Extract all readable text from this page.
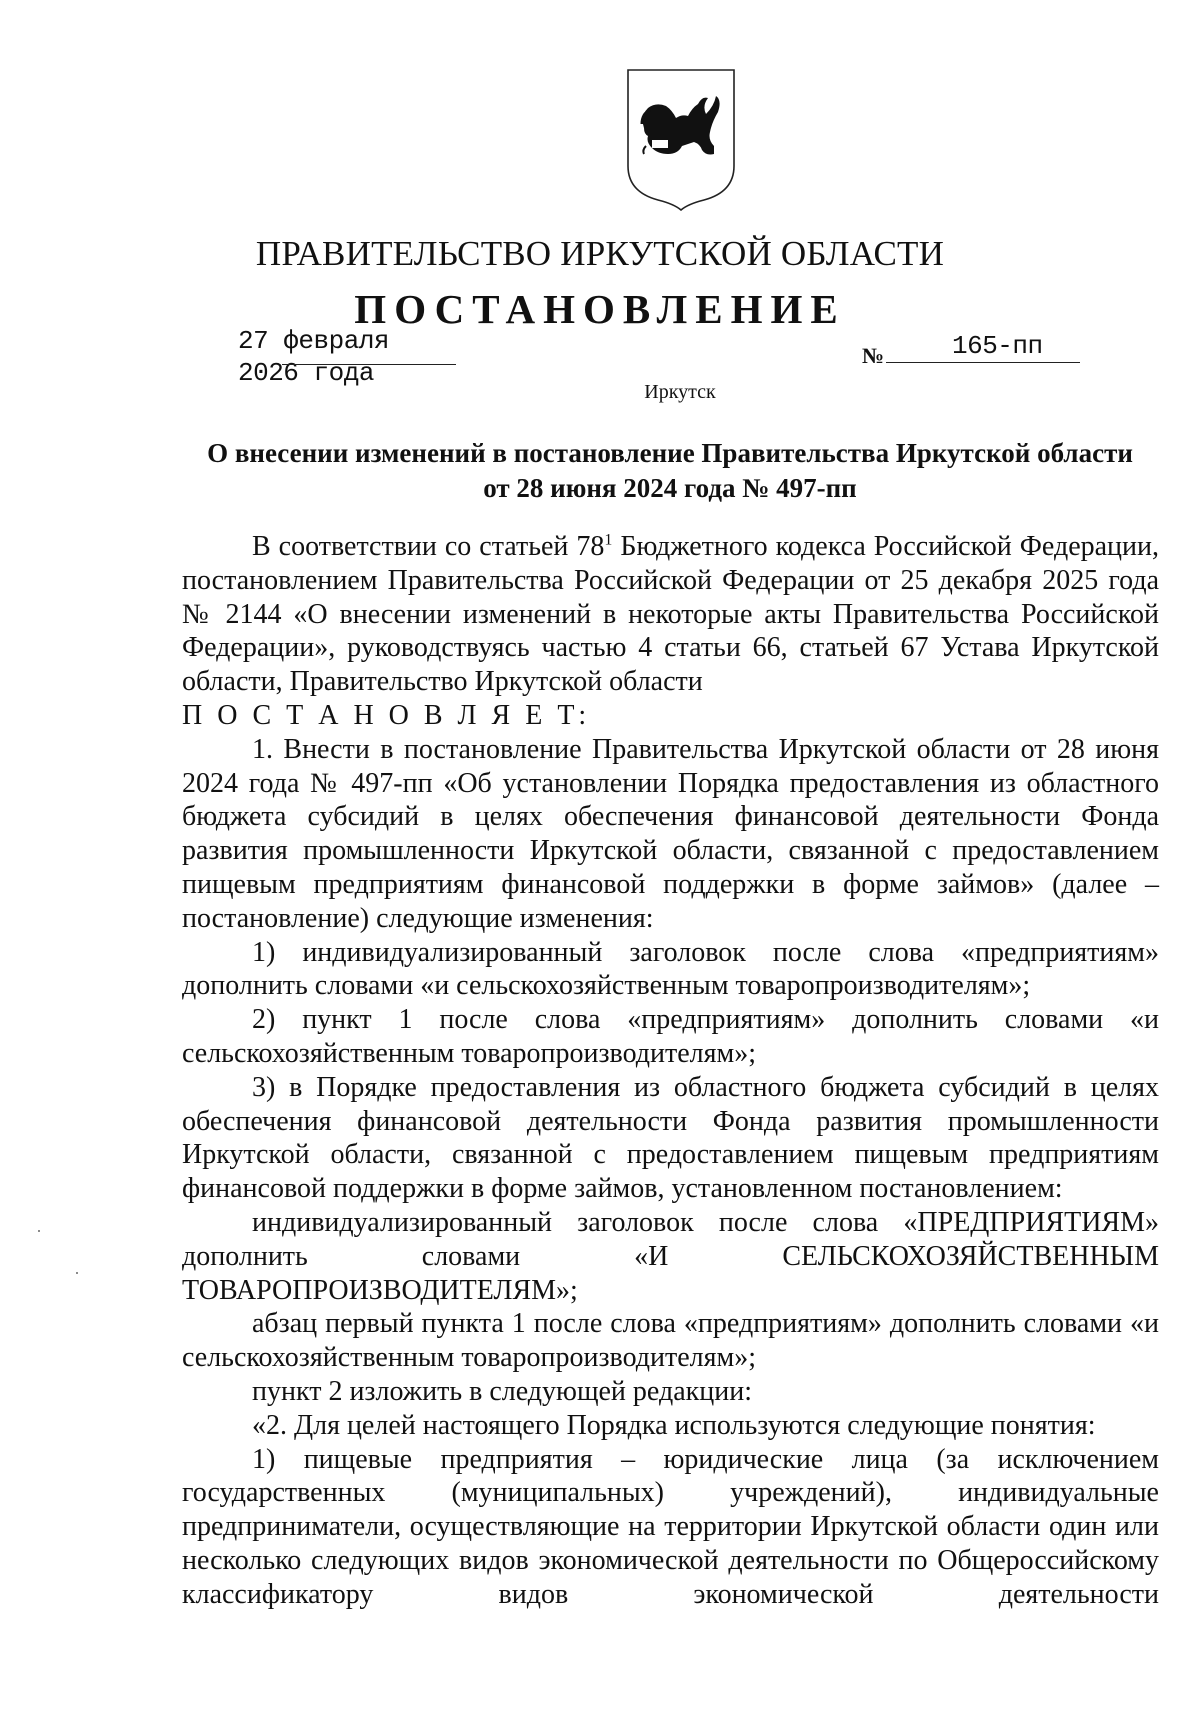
ПРАВИТЕЛЬСТВО ИРКУТСКОЙ ОБЛАСТИ
ПОСТАНОВЛЕНИЕ
27 февраля 2026 года
№	165-пп
Иркутск
О внесении изменений в постановление Правительства Иркутской области
от 28 июня 2024 года № 497-пп

В соответствии со статьей $78^1$ Бюджетного кодекса Российской Федерации, постановлением Правительства Российской Федерации от 25 декабря 2025 года № 2144 «О внесении изменений в некоторые акты Правительства Российской Федерации», руководствуясь частью 4 статьи 66, статьей 67 Устава Иркутской области, Правительство Иркутской области

П О С Т А Н О В Л Я Е Т:

1. Внести в постановление Правительства Иркутской области от 28 июня 2024 года № 497-пп «Об установлении Порядка предоставления из областного бюджета субсидий в целях обеспечения финансовой деятельности Фонда развития промышленности Иркутской области, связанной с предоставлением пищевым предприятиям финансовой поддержки в форме займов» (далее – постановление) следующие изменения:

1) индивидуализированный заголовок после слова «предприятиям» дополнить словами «и сельскохозяйственным товаропроизводителям»;

2) пункт 1 после слова «предприятиям» дополнить словами «и сельскохозяйственным товаропроизводителям»;

3) в Порядке предоставления из областного бюджета субсидий в целях обеспечения финансовой деятельности Фонда развития промышленности Иркутской области, связанной с предоставлением пищевым предприятиям финансовой поддержки в форме займов, установленном постановлением:

индивидуализированный заголовок после слова «ПРЕДПРИЯТИЯМ» дополнить словами «И СЕЛЬСКОХОЗЯЙСТВЕННЫМ ТОВАРОПРОИЗВОДИТЕЛЯМ»;

абзац первый пункта 1 после слова «предприятиям» дополнить словами «и сельскохозяйственным товаропроизводителям»;

пункт 2 изложить в следующей редакции:

«2. Для целей настоящего Порядка используются следующие понятия:

1) пищевые предприятия – юридические лица (за исключением государственных (муниципальных) учреждений), индивидуальные предприниматели, осуществляющие на территории Иркутской области один или несколько следующих видов экономической деятельности по Общероссийскому классификатору видов экономической деятельности
